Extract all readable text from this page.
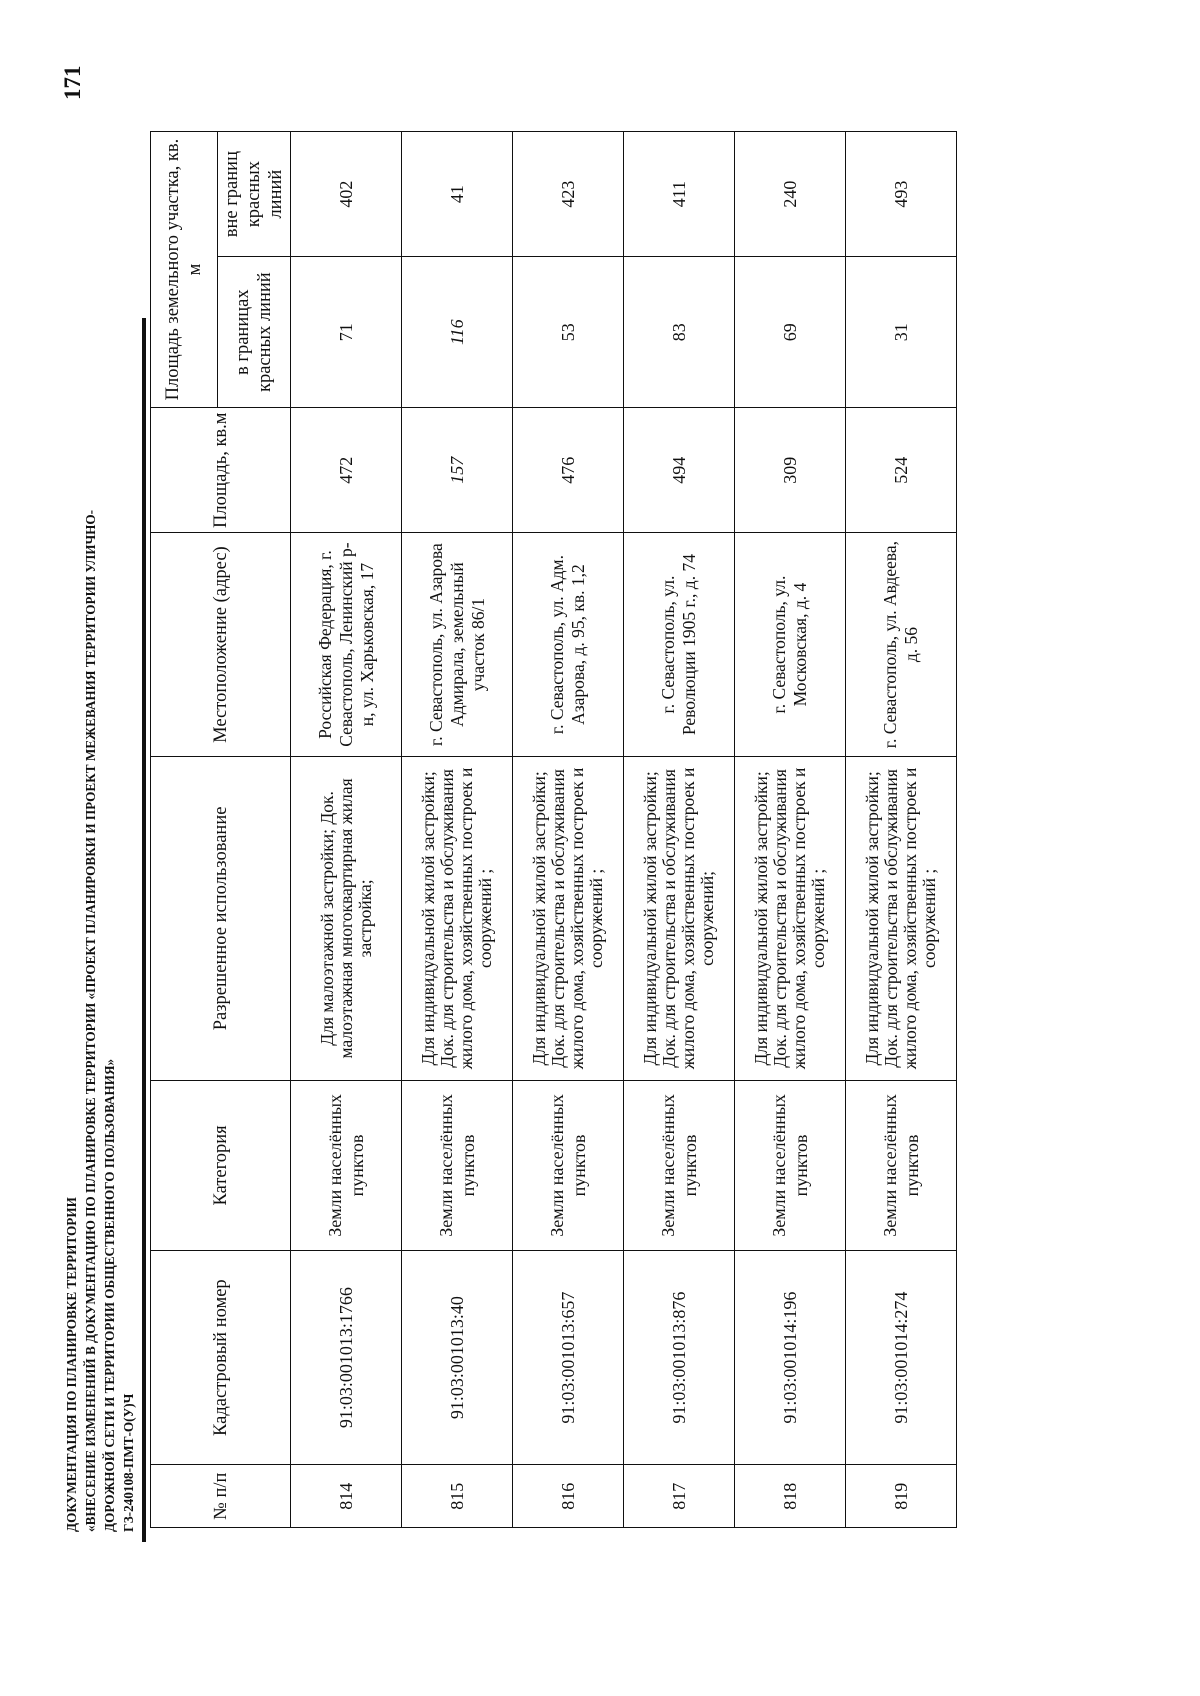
ДОКУМЕНТАЦИЯ ПО ПЛАНИРОВКЕ ТЕРРИТОРИИ «ВНЕСЕНИЕ ИЗМЕНЕНИЙ В ДОКУМЕНТАЦИЮ ПО ПЛАНИРОВКЕ ТЕРРИТОРИИ «ПРОЕКТ ПЛАНИРОВКИ И ПРОЕКТ МЕЖЕВАНИЯ ТЕРРИТОРИИ УЛИЧНО- ДОРОЖНОЙ СЕТИ И ТЕРРИТОРИИ ОБЩЕСТВЕННОГО ПОЛЬЗОВАНИЯ» ГЗ-240108-ПМТ-О(У)Ч
171
№ п/п	Кадастровый номер	Категория	Разрешенное использование	Местоположение (адрес)	Площадь, кв.м	Площадь земельного участка, кв. м	
						в границах красных линий	вне границ красных линий
814	91:03:001013:1766	Земли населённых пунктов	Для малоэтажной застройки; Док. малоэтажная многоквартирная жилая застройка;	Российская Федерация, г. Севастополь, Ленинский р-н, ул. Харьковская, 17	472	71	402
815	91:03:001013:40	Земли населённых пунктов	Для индивидуальной жилой застройки; Док. для строительства и обслуживания жилого дома, хозяйственных построек и сооружений ;	г. Севастополь, ул. Азарова Адмирала, земельный участок 86/1	157	116	41
816	91:03:001013:657	Земли населённых пунктов	Для индивидуальной жилой застройки; Док. для строительства и обслуживания жилого дома, хозяйственных построек и сооружений ;	г. Севастополь, ул. Адм. Азарова, д. 95, кв. 1,2	476	53	423
817	91:03:001013:876	Земли населённых пунктов	Для индивидуальной жилой застройки; Док. для строительства и обслуживания жилого дома, хозяйственных построек и сооружений;	г. Севастополь, ул. Революции 1905 г., д. 74	494	83	411
818	91:03:001014:196	Земли населённых пунктов	Для индивидуальной жилой застройки; Док. для строительства и обслуживания жилого дома, хозяйственных построек и сооружений ;	г. Севастополь, ул. Московская, д. 4	309	69	240
819	91:03:001014:274	Земли населённых пунктов	Для индивидуальной жилой застройки; Док. для строительства и обслуживания жилого дома, хозяйственных построек и сооружений ;	г. Севастополь, ул. Авдеева, д. 56	524	31	493
